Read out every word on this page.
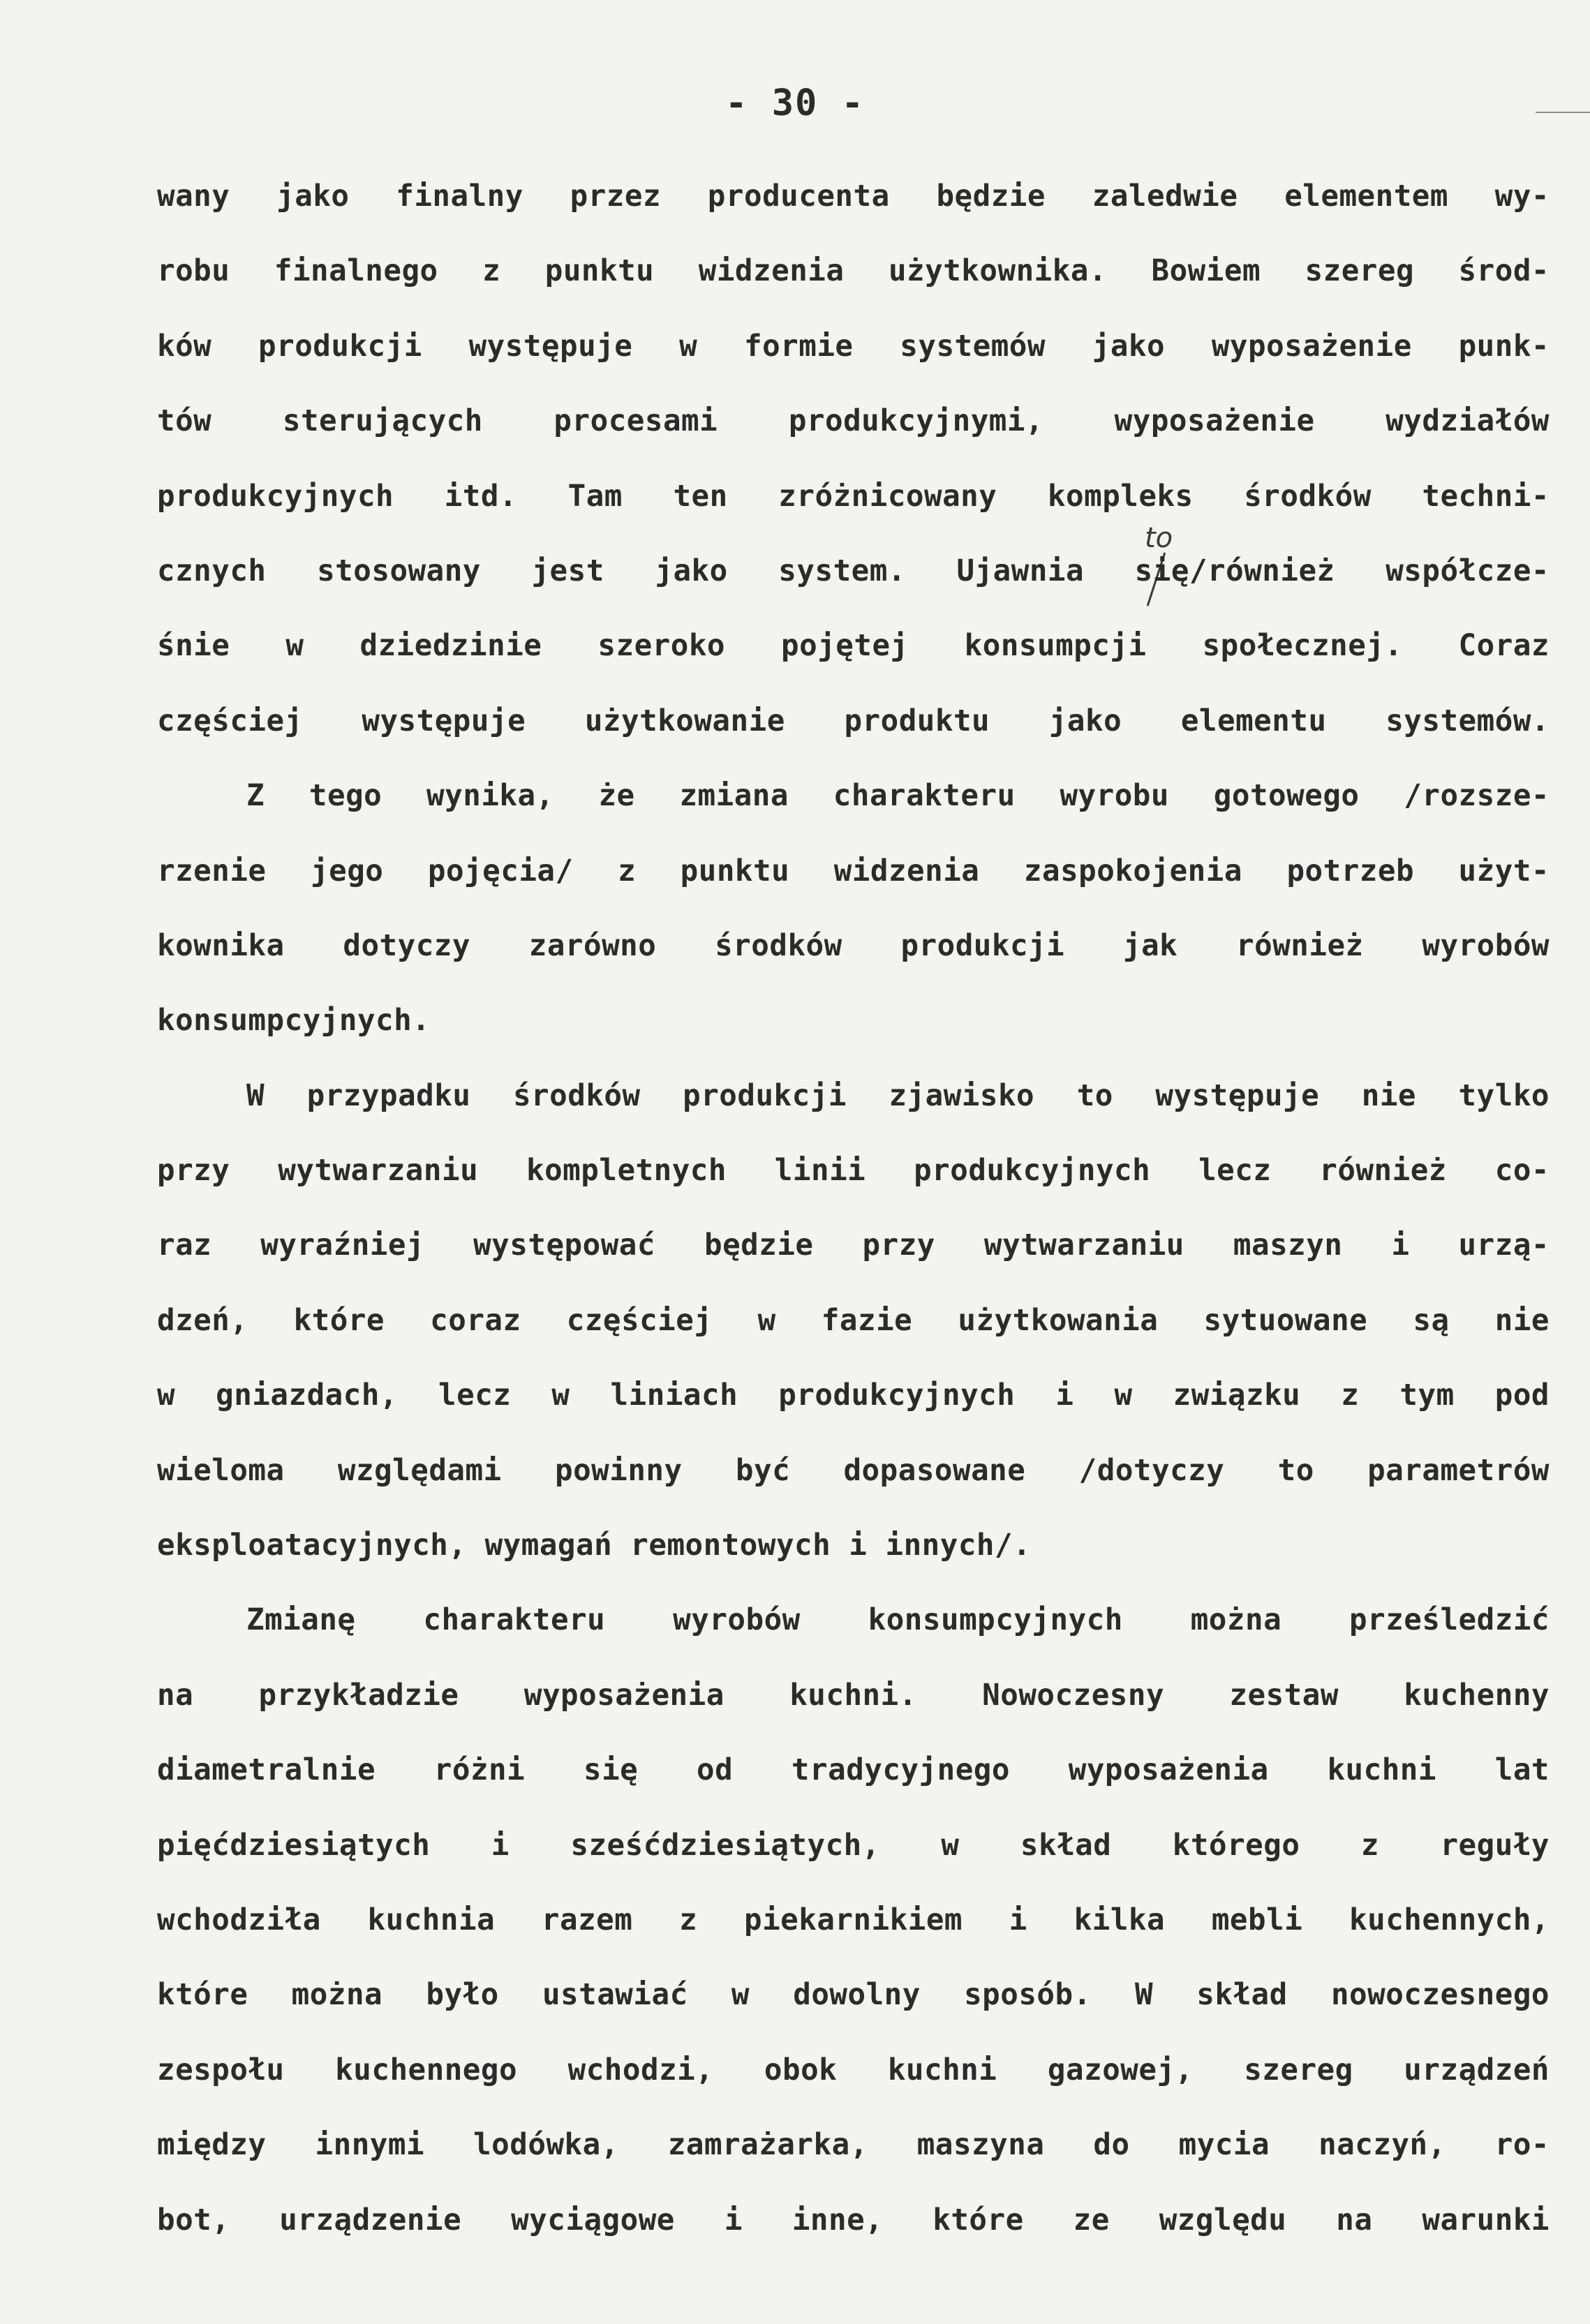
- 30 -
to
wany jako finalny przez producenta będzie zaledwie elementem wy-
robu finalnego z punktu widzenia użytkownika. Bowiem szereg środ-
ków produkcji występuje w formie systemów jako wyposażenie punk-
tów sterujących procesami produkcyjnymi, wyposażenie wydziałów
produkcyjnych itd. Tam ten zróżnicowany kompleks środków techni-
cznych stosowany jest jako system. Ujawnia się/również współcze-
śnie w dziedzinie szeroko pojętej konsumpcji społecznej. Coraz
częściej występuje użytkowanie produktu jako elementu systemów.
Z tego wynika, że zmiana charakteru wyrobu gotowego /rozsze-
rzenie jego pojęcia/ z punktu widzenia zaspokojenia potrzeb użyt-
kownika dotyczy zarówno środków produkcji jak również wyrobów
konsumpcyjnych.
W przypadku środków produkcji zjawisko to występuje nie tylko
przy wytwarzaniu kompletnych linii produkcyjnych lecz również co-
raz wyraźniej występować będzie przy wytwarzaniu maszyn i urzą-
dzeń, które coraz częściej w fazie użytkowania sytuowane są nie
w gniazdach, lecz w liniach produkcyjnych i w związku z tym pod
wieloma względami powinny być dopasowane /dotyczy to parametrów
eksploatacyjnych, wymagań remontowych i innych/.
Zmianę charakteru wyrobów konsumpcyjnych można prześledzić
na przykładzie wyposażenia kuchni. Nowoczesny zestaw kuchenny
diametralnie różni się od tradycyjnego wyposażenia kuchni lat
pięćdziesiątych i sześćdziesiątych, w skład którego z reguły
wchodziła kuchnia razem z piekarnikiem i kilka mebli kuchennych,
które można było ustawiać w dowolny sposób. W skład nowoczesnego
zespołu kuchennego wchodzi, obok kuchni gazowej, szereg urządzeń
między innymi lodówka, zamrażarka, maszyna do mycia naczyń, ro-
bot, urządzenie wyciągowe i inne, które ze względu na warunki
